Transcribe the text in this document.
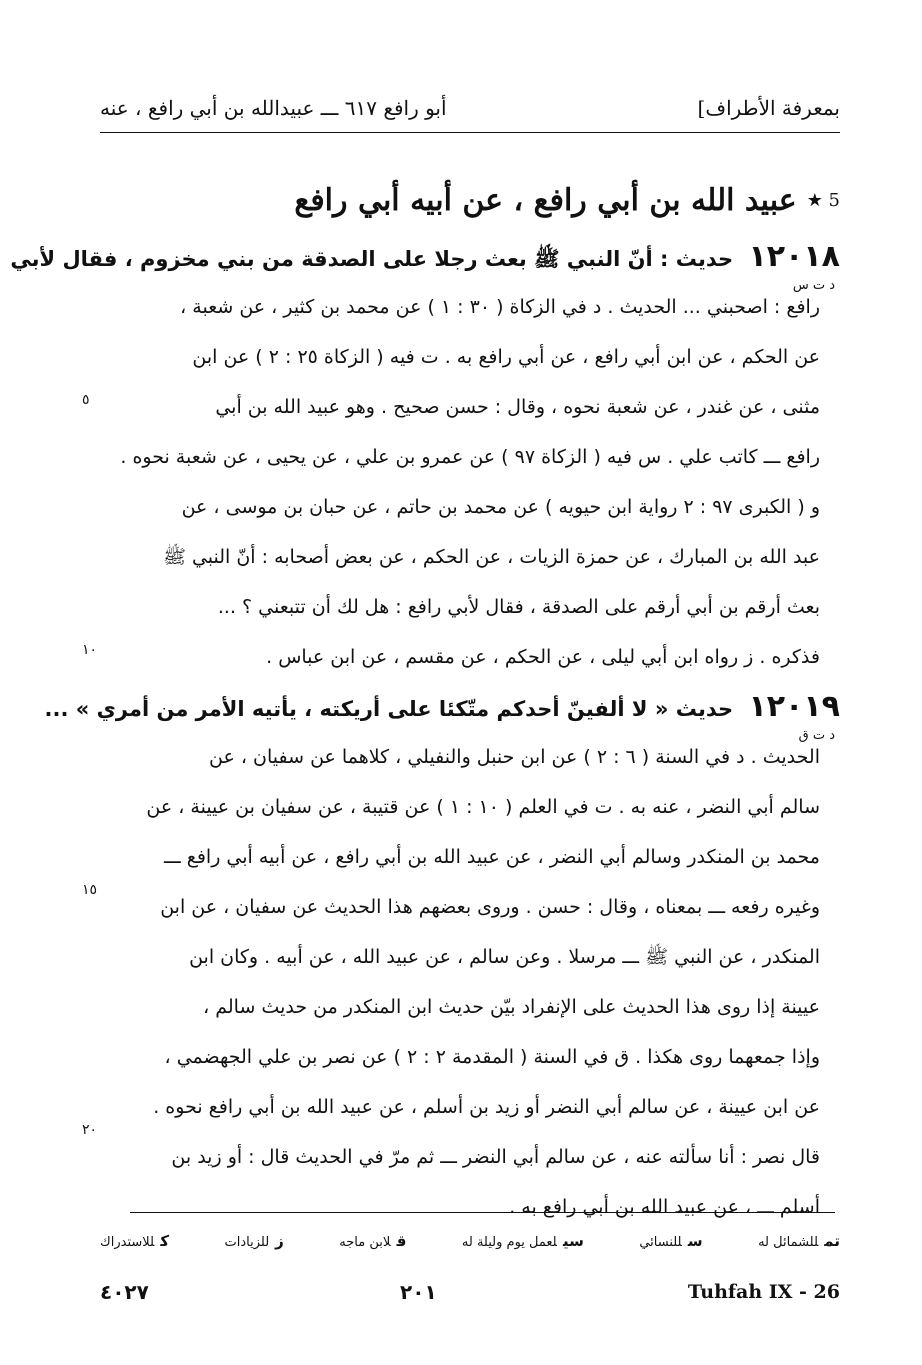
بمعرفة الأطراف]
أبو رافع ٦١٧ ـــ عبيدالله بن أبي رافع ، عنه
5 ★
عبيد الله بن أبي رافع ، عن أبيه أبي رافع
١٢٠١٨ حديث : أنّ النبي ﷺ بعث رجلا على الصدقة من بني مخزوم ، فقال لأبي
رافع : اصحبني ... الحديث . د في الزكاة ( ٣٠ : ١ ) عن محمد بن كثير ، عن شعبة ،
عن الحكم ، عن ابن أبي رافع ، عن أبي رافع به . ت فيه ( الزكاة ٢٥ : ٢ ) عن ابن
مثنى ، عن غندر ، عن شعبة نحوه ، وقال : حسن صحيح . وهو عبيد الله بن أبي
رافع ـــ كاتب علي . س فيه ( الزكاة ٩٧ ) عن عمرو بن علي ، عن يحيى ، عن شعبة نحوه .
و ( الكبرى ٩٧ : ٢ رواية ابن حيويه ) عن محمد بن حاتم ، عن حبان بن موسى ، عن
عبد الله بن المبارك ، عن حمزة الزيات ، عن الحكم ، عن بعض أصحابه : أنّ النبي ﷺ
بعث أرقم بن أبي أرقم على الصدقة ، فقال لأبي رافع : هل لك أن تتبعني ؟ ...
فذكره . ز رواه ابن أبي ليلى ، عن الحكم ، عن مقسم ، عن ابن عباس .
١٢٠١٩ حديث « لا ألفينّ أحدكم متّكئا على أريكته ، يأتيه الأمر من أمري » ...
الحديث . د في السنة ( ٦ : ٢ ) عن ابن حنبل والنفيلي ، كلاهما عن سفيان ، عن
سالم أبي النضر ، عنه به . ت في العلم ( ١٠ : ١ ) عن قتيبة ، عن سفيان بن عيينة ، عن
محمد بن المنكدر وسالم أبي النضر ، عن عبيد الله بن أبي رافع ، عن أبيه أبي رافع ـــ
وغيره رفعه ـــ بمعناه ، وقال : حسن . وروى بعضهم هذا الحديث عن سفيان ، عن ابن
المنكدر ، عن النبي ﷺ ـــ مرسلا . وعن سالم ، عن عبيد الله ، عن أبيه . وكان ابن
عيينة إذا روى هذا الحديث على الإنفراد بيّن حديث ابن المنكدر من حديث سالم ،
وإذا جمعهما روى هكذا . ق في السنة ( المقدمة ٢ : ٢ ) عن نصر بن علي الجهضمي ،
عن ابن عيينة ، عن سالم أبي النضر أو زيد بن أسلم ، عن عبيد الله بن أبي رافع نحوه .
قال نصر : أنا سألته عنه ، عن سالم أبي النضر ـــ ثم مرّ في الحديث قال : أو زيد بن
أسلم ـــ ، عن عبيد الله بن أبي رافع به .
د ت س
د ت ق
٥
١٠
١٥
٢٠
تمللشمائل له
سللنسائي
سيلعمل يوم وليلة له
قلابن ماجه
زللزيادات
كللاستدراك
٤٠٢٧	٢٠١	Tuhfah IX - 26
